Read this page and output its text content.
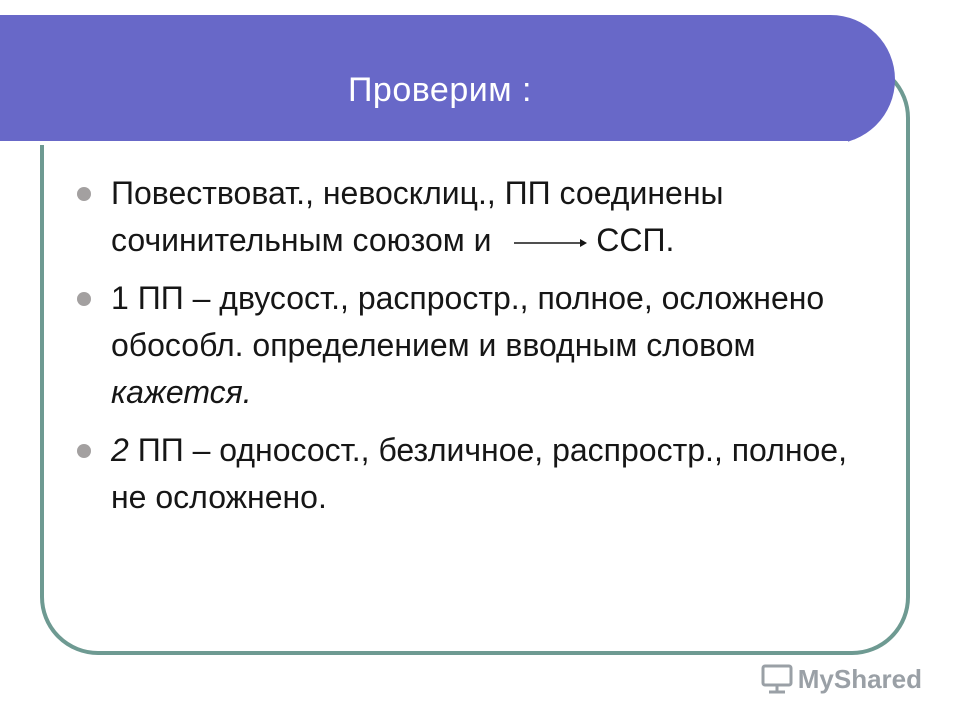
Проверим :
Повествоват., невосклиц., ПП соединены
сочинительным союзом и	ССП.
1 ПП – двусост., распростр., полное, осложнено обособл. определением и вводным словом кажется.
2 ПП – односост., безличное, распростр., полное, не осложнено.
MyShared
